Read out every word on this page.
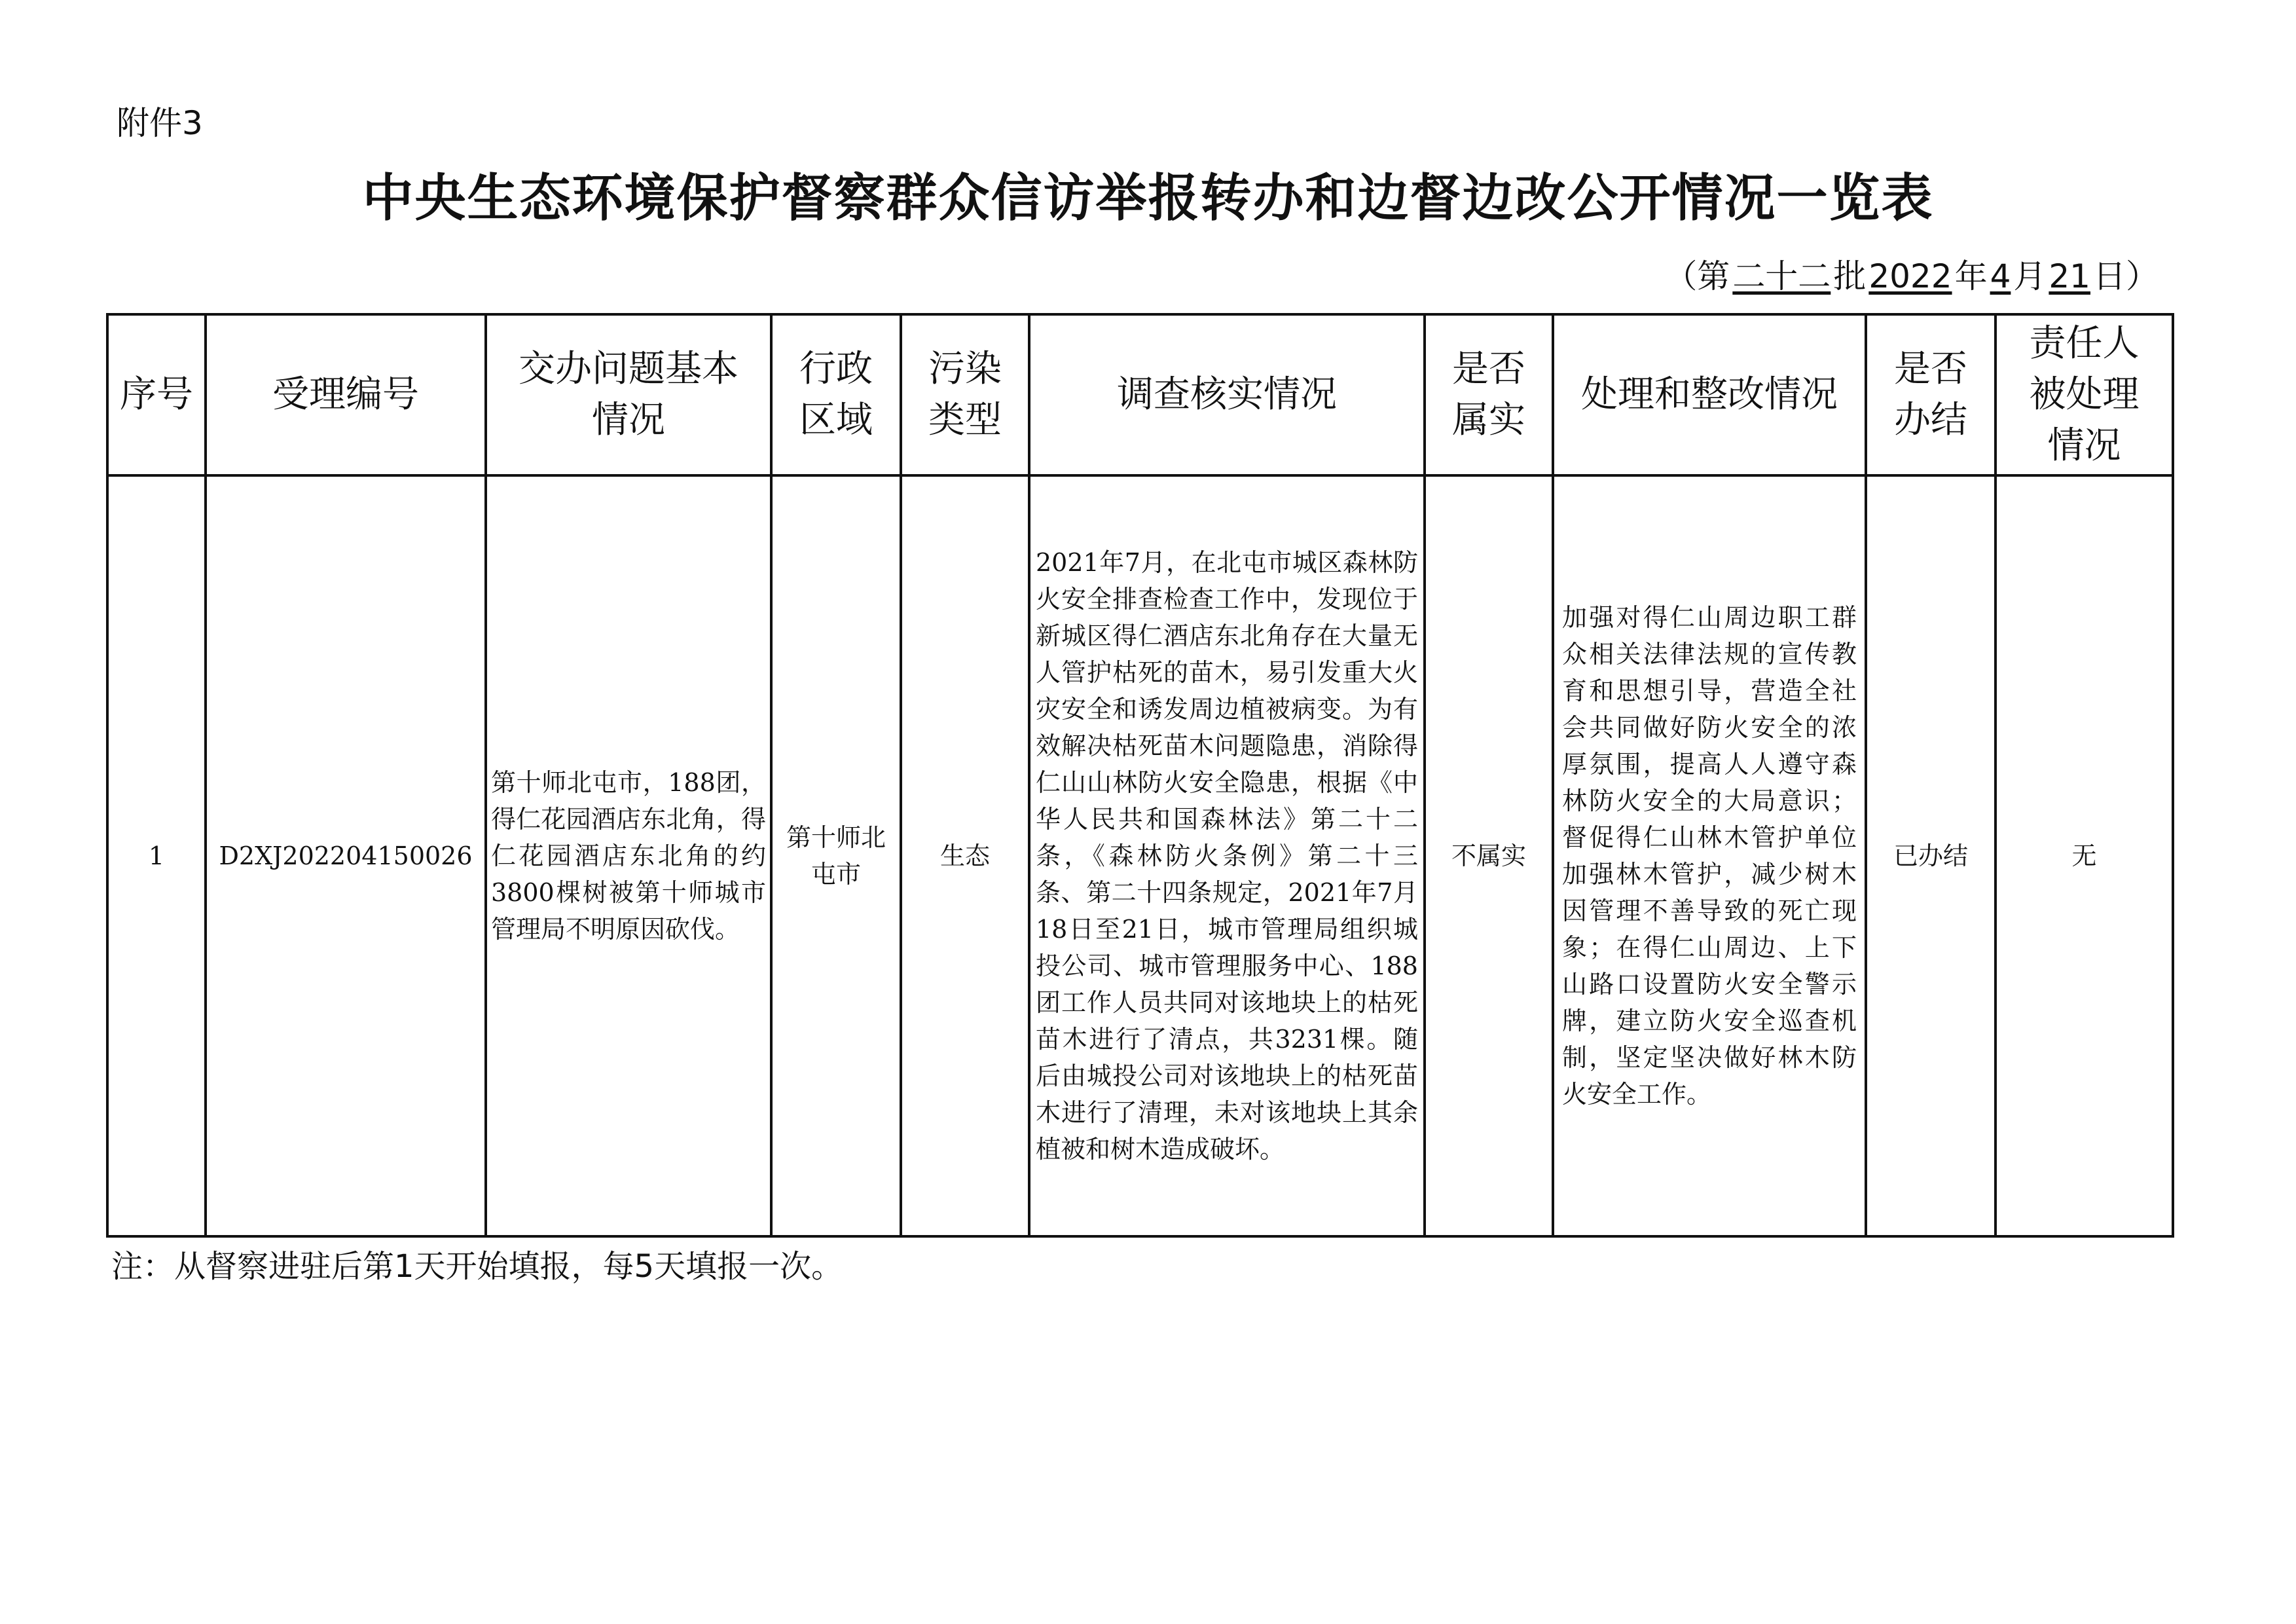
附件3
中央生态环境保护督察群众信访举报转办和边督边改公开情况一览表
（第二十二批2022年4月21日）
序号	受理编号	交办问题基本情况	行政区域	污染类型	调查核实情况	是否属实	处理和整改情况	是否办结	责任人被处理情况

1	D2XJ202204150026	第十师北屯市，188团，得仁花园酒店东北角，得仁花园酒店东北角的约3800棵树被第十师城市管理局不明原因砍伐。	第十师北屯市	生态	2021年7月，在北屯市城区森林防火安全排查检查工作中，发现位于新城区得仁酒店东北角存在大量无人管护枯死的苗木，易引发重大火灾安全和诱发周边植被病变。为有效解决枯死苗木问题隐患，消除得仁山山林防火安全隐患，根据《中华人民共和国森林法》第二十二条，《森林防火条例》第二十三条、第二十四条规定，2021年7月18日至21日，城市管理局组织城投公司、城市管理服务中心、188团工作人员共同对该地块上的枯死苗木进行了清点，共3231棵。随后由城投公司对该地块上的枯死苗木进行了清理，未对该地块上其余植被和树木造成破坏。	不属实	加强对得仁山周边职工群众相关法律法规的宣传教育和思想引导，营造全社会共同做好防火安全的浓厚氛围，提高人人遵守森林防火安全的大局意识；督促得仁山林木管护单位加强林木管护，减少树木因管理不善导致的死亡现象；在得仁山周边、上下山路口设置防火安全警示牌，建立防火安全巡查机制，坚定坚决做好林木防火安全工作。	已办结	无
注：从督察进驻后第1天开始填报，每5天填报一次。
